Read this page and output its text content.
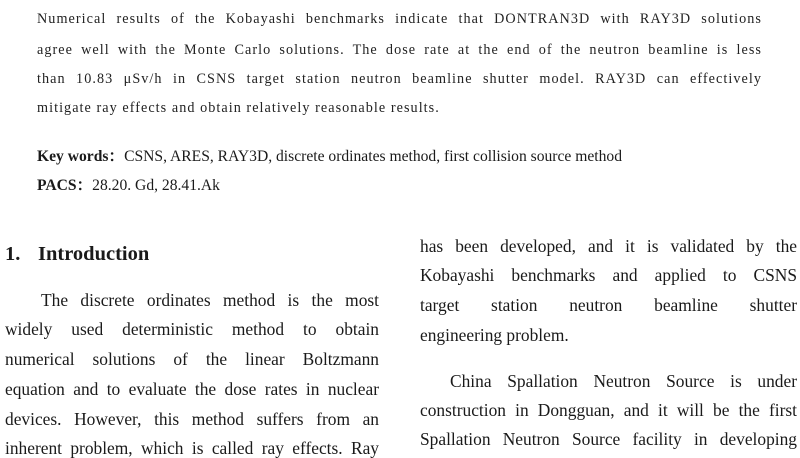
Numerical results of the Kobayashi benchmarks indicate that DONTRAN3D with RAY3D solutions
agree well with the Monte Carlo solutions. The dose rate at the end of the neutron beamline is less
than 10.83 μSv/h in CSNS target station neutron beamline shutter model. RAY3D can effectively
mitigate ray effects and obtain relatively reasonable results.
Key words：CSNS, ARES, RAY3D, discrete ordinates method, first collision source method
PACS：28.20. Gd, 28.41.Ak
1. Introduction
The discrete ordinates method is the most
widely used deterministic method to obtain
numerical solutions of the linear Boltzmann
equation and to evaluate the dose rates in nuclear
devices. However, this method suffers from an
inherent problem, which is called ray effects. Ray
has been developed, and it is validated by the
Kobayashi benchmarks and applied to CSNS
target station neutron beamline shutter
engineering problem.
China Spallation Neutron Source is under
construction in Dongguan, and it will be the first
Spallation Neutron Source facility in developing
